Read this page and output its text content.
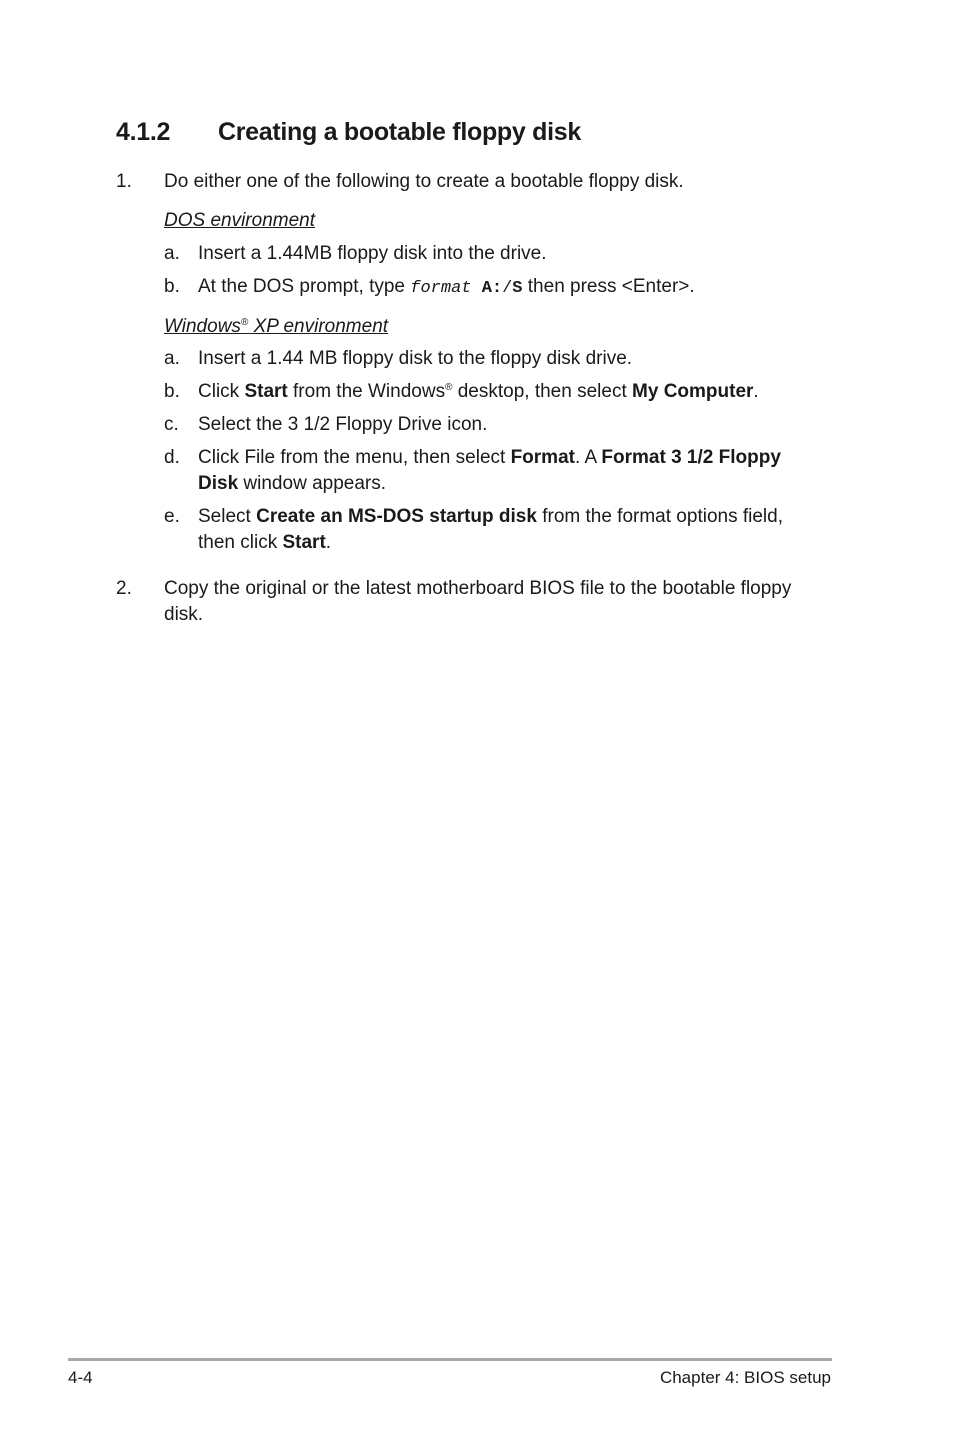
4.1.2 Creating a bootable floppy disk
1. Do either one of the following to create a bootable floppy disk.
DOS environment
a. Insert a 1.44MB floppy disk into the drive.
b. At the DOS prompt, type format A:/S then press <Enter>.
Windows® XP environment
a. Insert a 1.44 MB floppy disk to the floppy disk drive.
b. Click Start from the Windows® desktop, then select My Computer.
c. Select the 3 1/2 Floppy Drive icon.
d. Click File from the menu, then select Format. A Format 3 1/2 Floppy
Disk window appears.
e. Select Create an MS-DOS startup disk from the format options field,
then click Start.
2. Copy the original or the latest motherboard BIOS file to the bootable floppy
disk.
4-4	Chapter 4: BIOS setup
